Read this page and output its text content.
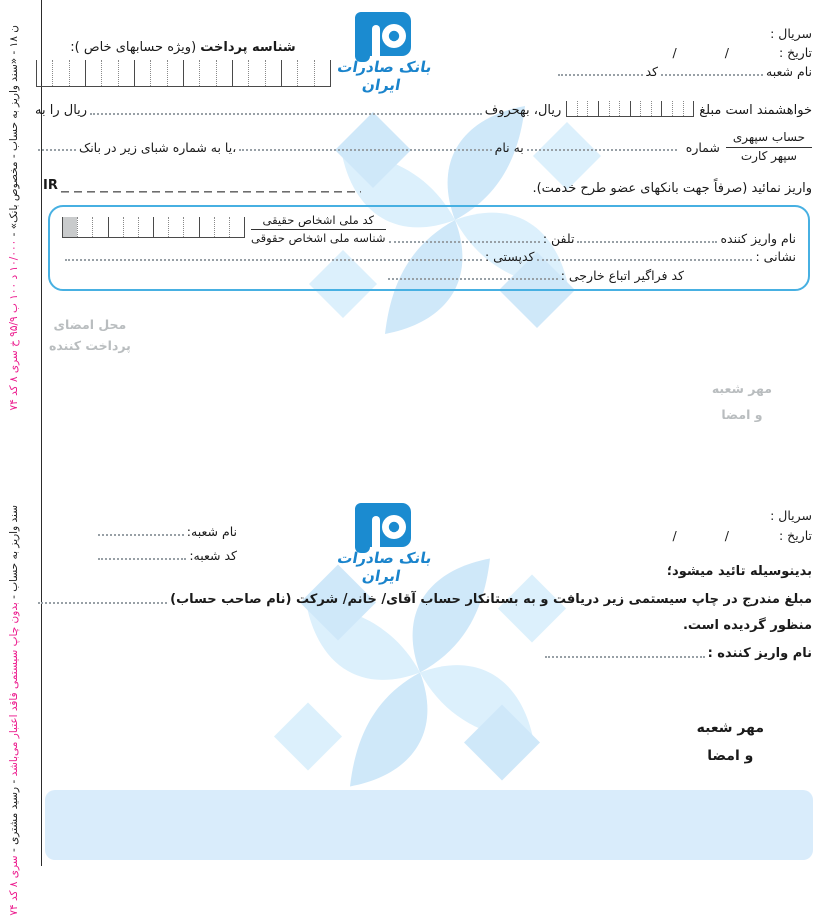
ن ۱۸ - «سند واریز به حساب - مخصوص بانک» - ۱۰/۰۰۰ د ۱۰۰ ب ۹۵/۹ خ سری ۸ کد ۷۴
سند واریز به حساب - بدون چاپ سیستمی فاقد اعتبار می‌باشد - رسید مشتری - سری ۸ کد ۷۴
بانک صادرات ایران
سریال :
تاریخ ://
نام شعبه
کد
شناسه پرداخت (ویژه حسابهای خاص ):
خواهشمند است مبلغ
ریال، بهحروف
ریال را به
$\frac{\text{حساب سپهری}}{\text{سپهر کارت}}$
شماره
به نام
،یا به شماره شبای زیر در بانک
IR	واریز نمائید (صرفاً جهت بانکهای عضو طرح خدمت).
نام واریز کننده
تلفن :
$\frac{\text{کد ملی اشخاص حقیقی}}{\text{شناسه ملی اشخاص حقوقی}}$
نشانی :
کدپستی :
کد فراگیر اتباع خارجی :
محل امضای
پرداخت کننده
مهر شعبه
و امضا
بانک صادرات ایران
سریال :
تاریخ ://
نام شعبه:
کد شعبه:
بدینوسیله تائید میشود؛
مبلغ مندرج در چاپ سیستمی زیر دریافت و به بستانکار حساب آقای/ خانم/ شرکت (نام صاحب حساب)
منظور گردیده است.
نام واریز کننده :
مهر شعبه
و امضا
